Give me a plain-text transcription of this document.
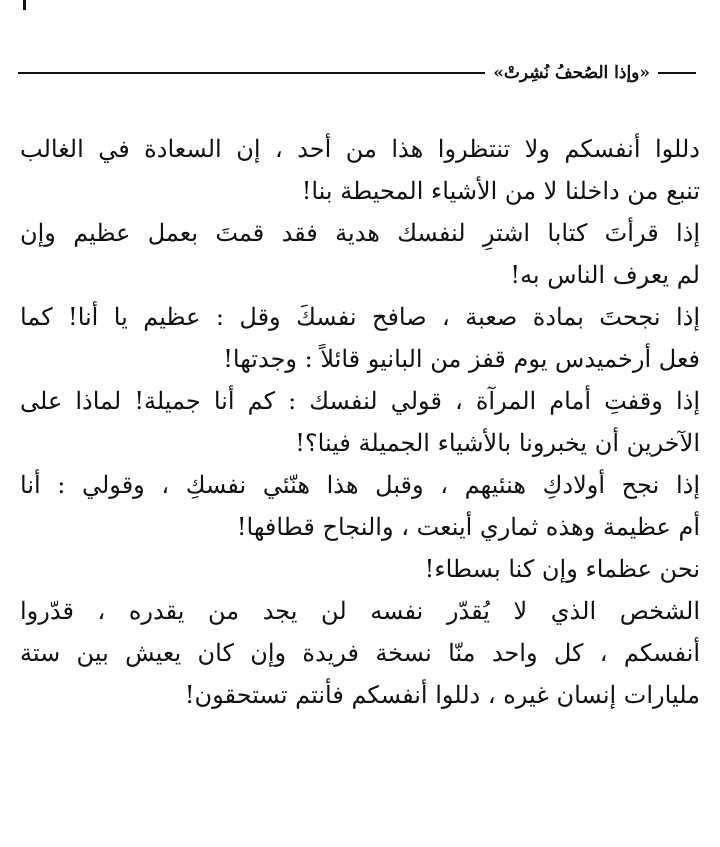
«وإذا الصُحفُ نُشِرتْ»
دللوا أنفسكم ولا تنتظروا هذا من أحد ، إن السعادة في الغالب
تنبع من داخلنا لا من الأشياء المحيطة بنا!
إذا قرأتَ كتابا اشترِ لنفسك هدية فقد قمتَ بعمل عظيم وإن
لم يعرف الناس به!
إذا نجحتَ بمادة صعبة ، صافح نفسكَ وقل : عظيم يا أنا! كما
فعل أرخميدس يوم قفز من البانيو قائلاً : وجدتها!
إذا وقفتِ أمام المرآة ، قولي لنفسك : كم أنا جميلة! لماذا على
الآخرين أن يخبرونا بالأشياء الجميلة فينا؟!
إذا نجح أولادكِ هنئيهم ، وقبل هذا هنّئي نفسكِ ، وقولي : أنا
أم عظيمة وهذه ثماري أينعت ، والنجاح قطافها!
نحن عظماء وإن كنا بسطاء!
الشخص الذي لا يُقدّر نفسه لن يجد من يقدره ، قدّروا
أنفسكم ، كل واحد منّا نسخة فريدة وإن كان يعيش بين ستة
مليارات إنسان غيره ، دللوا أنفسكم فأنتم تستحقون!
